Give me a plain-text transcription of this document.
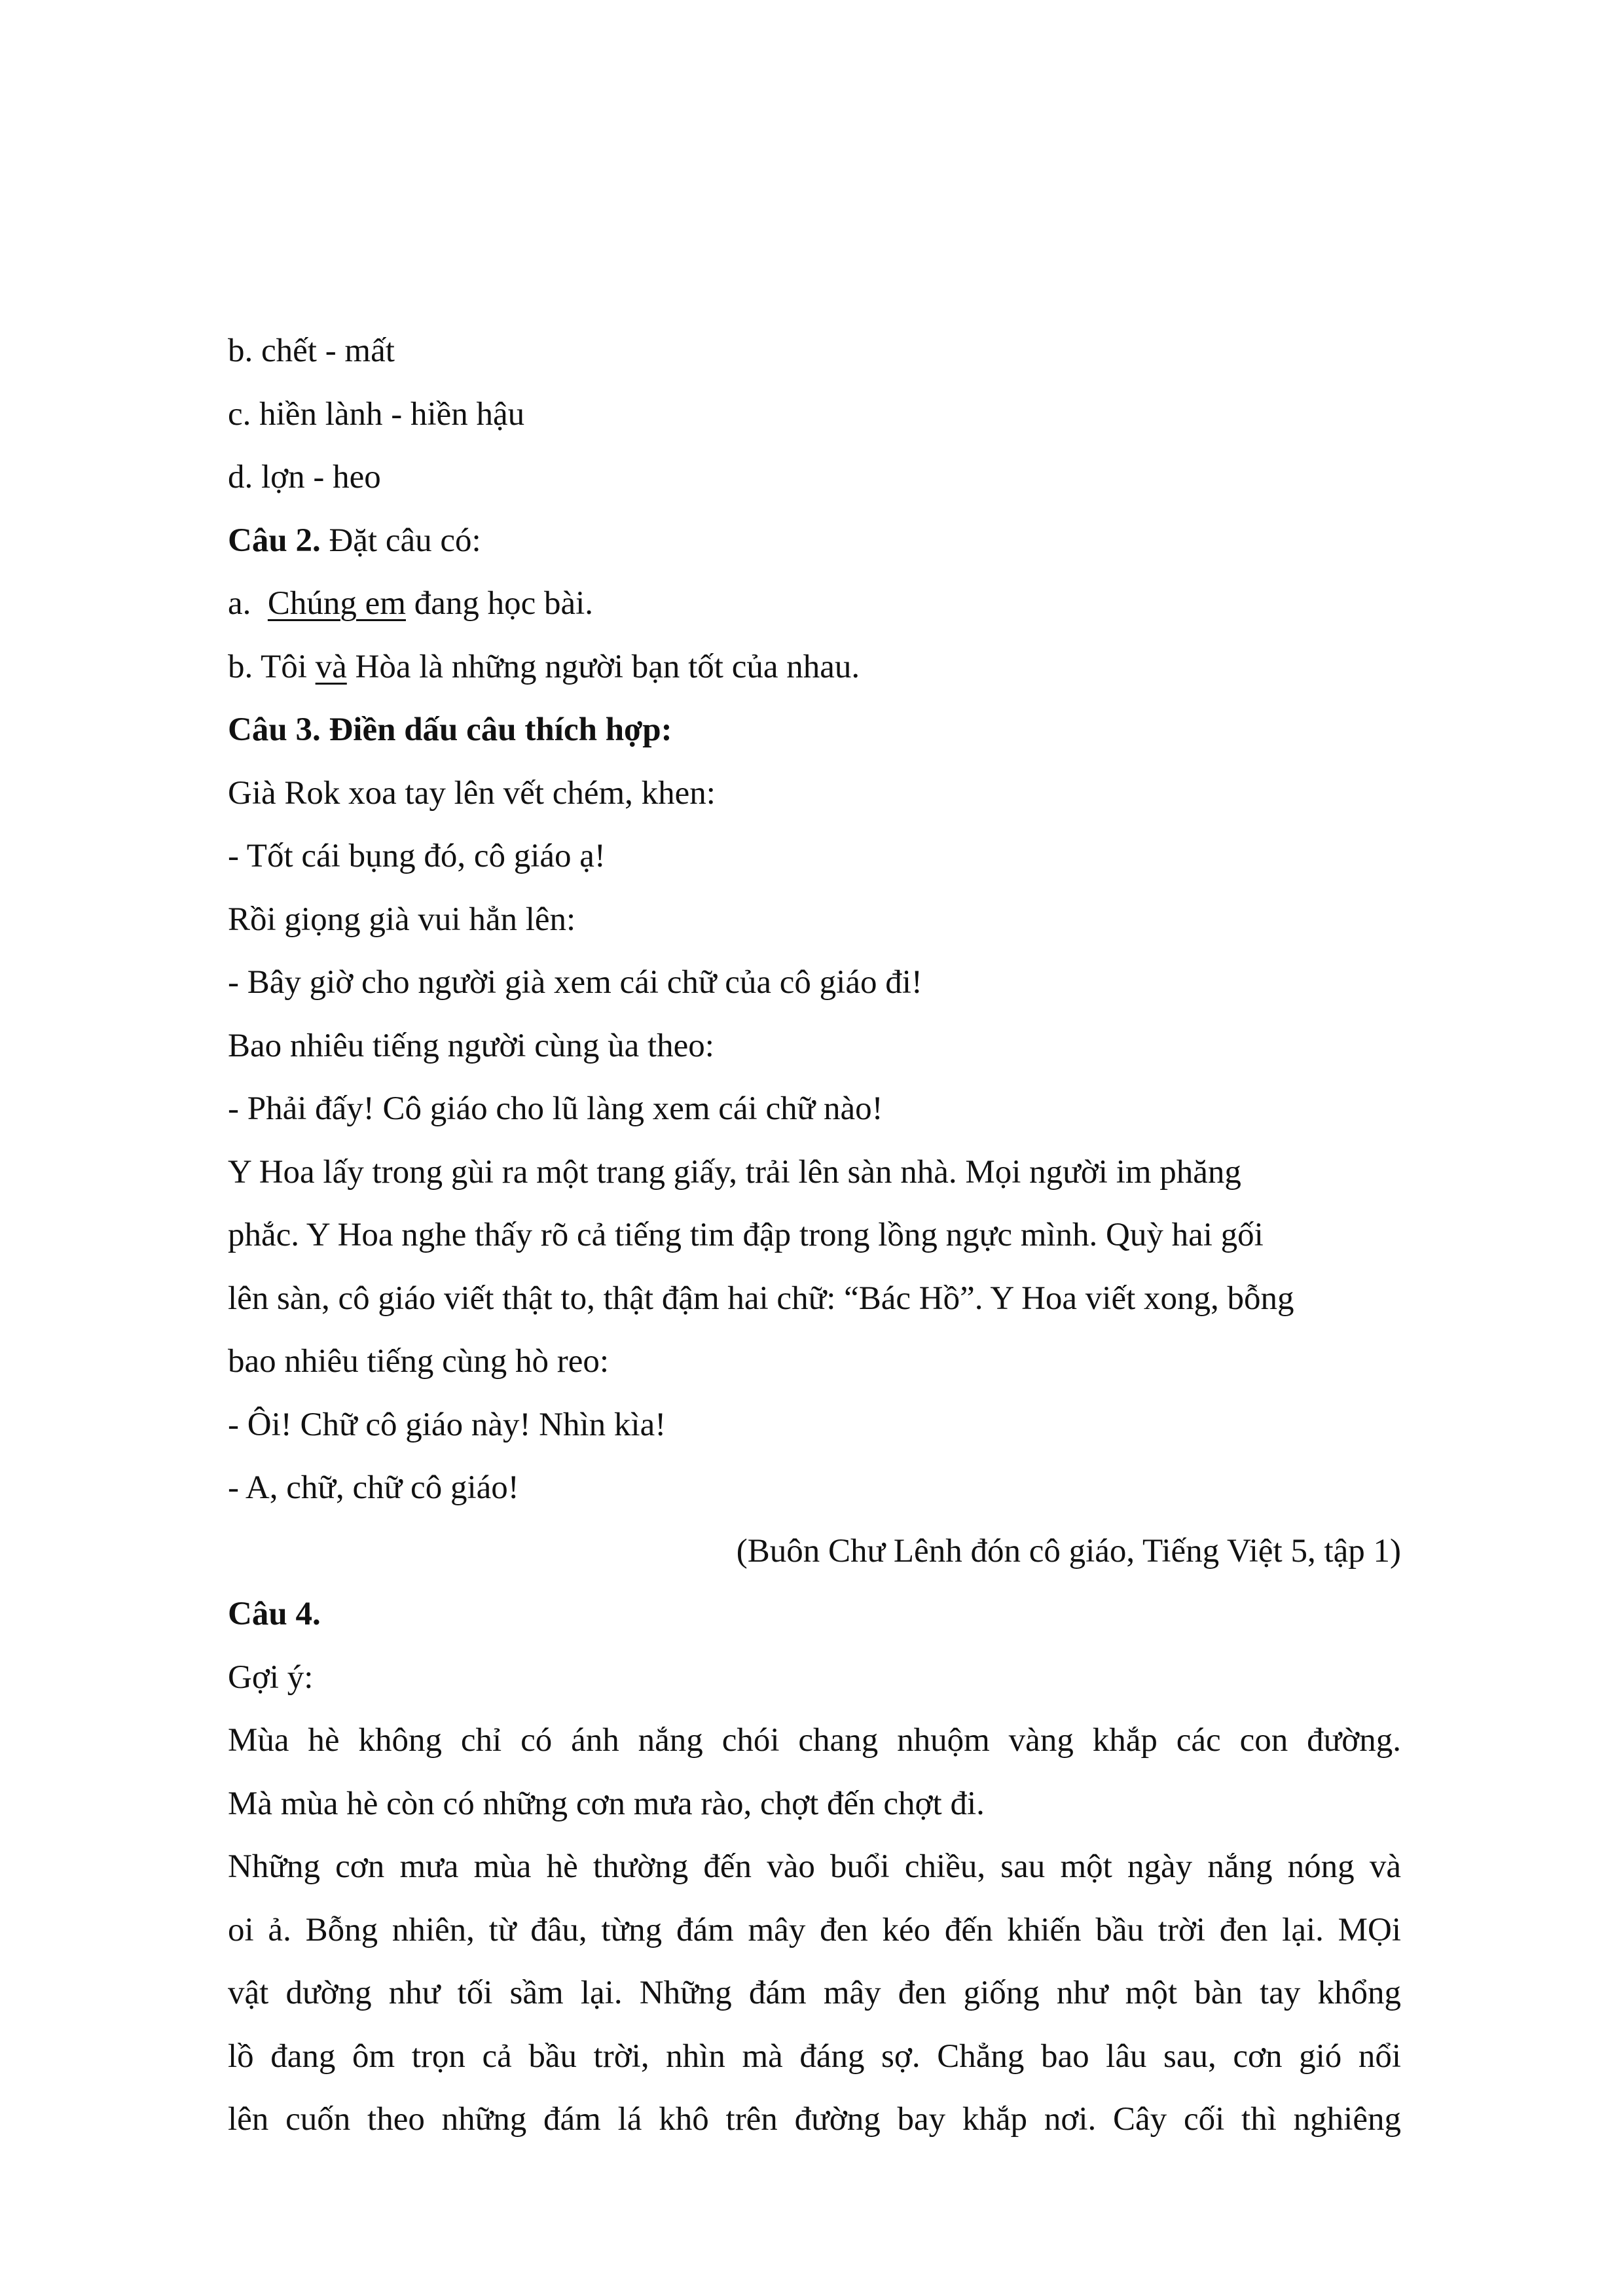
b. chết - mất
c. hiền lành - hiền hậu
d. lợn - heo
Câu 2. Đặt câu có:
a.  Chúng em đang học bài.
b. Tôi và Hòa là những người bạn tốt của nhau.
Câu 3. Điền dấu câu thích hợp:
Già Rok xoa tay lên vết chém, khen:
- Tốt cái bụng đó, cô giáo ạ!
Rồi giọng già vui hẳn lên:
- Bây giờ cho người già xem cái chữ của cô giáo đi!
Bao nhiêu tiếng người cùng ùa theo:
- Phải đấy! Cô giáo cho lũ làng xem cái chữ nào!
Y Hoa lấy trong gùi ra một trang giấy, trải lên sàn nhà. Mọi người im phăng
phắc. Y Hoa nghe thấy rõ cả tiếng tim đập trong lồng ngực mình. Quỳ hai gối
lên sàn, cô giáo viết thật to, thật đậm hai chữ: “Bác Hồ”. Y Hoa viết xong, bỗng
bao nhiêu tiếng cùng hò reo:
- Ôi! Chữ cô giáo này! Nhìn kìa!
- A, chữ, chữ cô giáo!
(Buôn Chư Lênh đón cô giáo, Tiếng Việt 5, tập 1)
Câu 4.
Gợi ý:
Mùa hè không chỉ có ánh nắng chói chang nhuộm vàng khắp các con đường.
Mà mùa hè còn có những cơn mưa rào, chợt đến chợt đi.
Những cơn mưa mùa hè thường đến vào buổi chiều, sau một ngày nắng nóng và
oi ả. Bỗng nhiên, từ đâu, từng đám mây đen kéo đến khiến bầu trời đen lại. MỌi
vật dường như tối sầm lại. Những đám mây đen giống như một bàn tay khổng
lồ đang ôm trọn cả bầu trời, nhìn mà đáng sợ. Chẳng bao lâu sau, cơn gió nổi
lên cuốn theo những đám lá khô trên đường bay khắp nơi. Cây cối thì nghiêng
